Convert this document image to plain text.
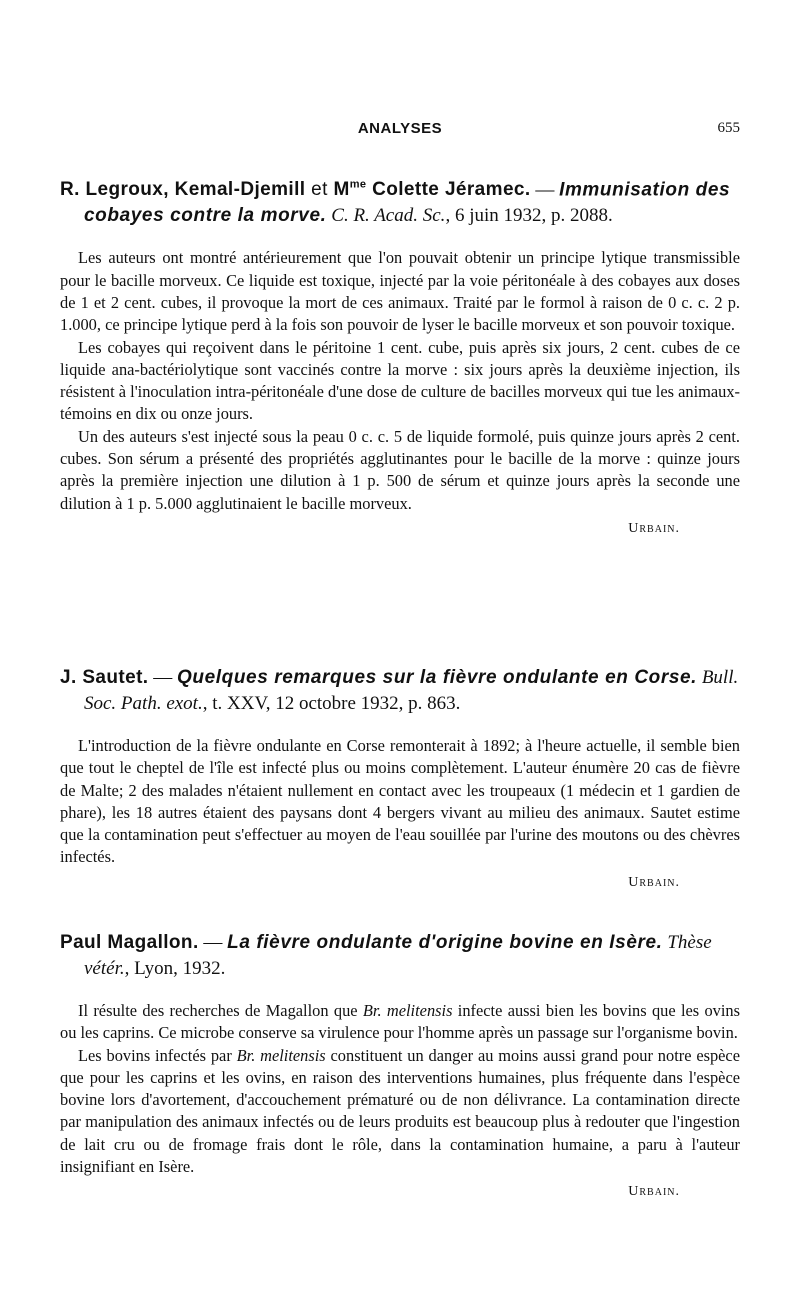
ANALYSES	655

R. Legroux, Kemal-Djemill et $M^{me}$ Colette Jéramec. — Immunisation des cobayes contre la morve. C. R. Acad. Sc., 6 juin 1932, p. 2088.

Les auteurs ont montré antérieurement que l'on pouvait obtenir un principe lytique transmissible pour le bacille morveux. Ce liquide est toxique, injecté par la voie péritonéale à des cobayes aux doses de 1 et 2 cent. cubes, il provoque la mort de ces animaux. Traité par le formol à raison de 0 c. c. 2 p. 1.000, ce principe lytique perd à la fois son pouvoir de lyser le bacille morveux et son pouvoir toxique.

Les cobayes qui reçoivent dans le péritoine 1 cent. cube, puis après six jours, 2 cent. cubes de ce liquide ana-bactériolytique sont vaccinés contre la morve : six jours après la deuxième injection, ils résistent à l'inoculation intra-péritonéale d'une dose de culture de bacilles morveux qui tue les animaux-témoins en dix ou onze jours.

Un des auteurs s'est injecté sous la peau 0 c. c. 5 de liquide formolé, puis quinze jours après 2 cent. cubes. Son sérum a présenté des propriétés agglutinantes pour le bacille de la morve : quinze jours après la première injection une dilution à 1 p. 500 de sérum et quinze jours après la seconde une dilution à 1 p. 5.000 agglutinaient le bacille morveux.

Urbain.

J. Sautet. — Quelques remarques sur la fièvre ondulante en Corse. Bull. Soc. Path. exot., t. XXV, 12 octobre 1932, p. 863.

L'introduction de la fièvre ondulante en Corse remonterait à 1892; à l'heure actuelle, il semble bien que tout le cheptel de l'île est infecté plus ou moins complètement. L'auteur énumère 20 cas de fièvre de Malte; 2 des malades n'étaient nullement en contact avec les troupeaux (1 médecin et 1 gardien de phare), les 18 autres étaient des paysans dont 4 bergers vivant au milieu des animaux. Sautet estime que la contamination peut s'effectuer au moyen de l'eau souillée par l'urine des moutons ou des chèvres infectés.

Urbain.

Paul Magallon. — La fièvre ondulante d'origine bovine en Isère. Thèse vétér., Lyon, 1932.

Il résulte des recherches de Magallon que Br. melitensis infecte aussi bien les bovins que les ovins ou les caprins. Ce microbe conserve sa virulence pour l'homme après un passage sur l'organisme bovin.

Les bovins infectés par Br. melitensis constituent un danger au moins aussi grand pour notre espèce que pour les caprins et les ovins, en raison des interventions humaines, plus fréquente dans l'espèce bovine lors d'avortement, d'accouchement prématuré ou de non délivrance. La contamination directe par manipulation des animaux infectés ou de leurs produits est beaucoup plus à redouter que l'ingestion de lait cru ou de fromage frais dont le rôle, dans la contamination humaine, a paru à l'auteur insignifiant en Isère.

Urbain.
